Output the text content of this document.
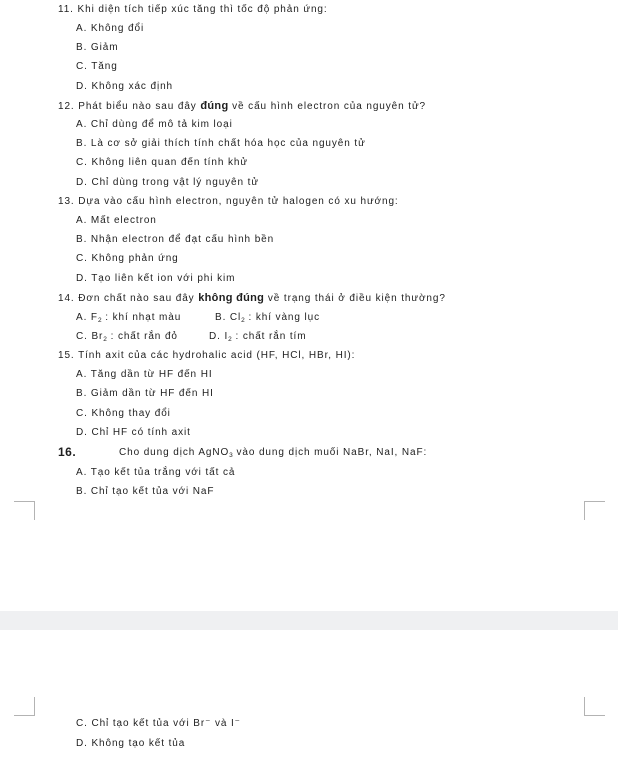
11. Khi diện tích tiếp xúc tăng thì tốc độ phản ứng:
A. Không đổi
B. Giảm
C. Tăng
D. Không xác định
12. Phát biểu nào sau đây đúng về cấu hình electron của nguyên tử?
A. Chỉ dùng để mô tả kim loại
B. Là cơ sở giải thích tính chất hóa học của nguyên tử
C. Không liên quan đến tính khử
D. Chỉ dùng trong vật lý nguyên tử
13. Dựa vào cấu hình electron, nguyên tử halogen có xu hướng:
A. Mất electron
B. Nhận electron để đạt cấu hình bền
C. Không phản ứng
D. Tạo liên kết ion với phi kim
14. Đơn chất nào sau đây không đúng về trạng thái ở điều kiện thường?
A. $F_2$ : khí nhạt màu	B. $Cl_2$ : khí vàng lục
C. $Br_2$ : chất rắn đỏ	D. $I_2$ : chất rắn tím
15. Tính axit của các hydrohalic acid (HF, HCl, HBr, HI):
A. Tăng dần từ HF đến HI
B. Giảm dần từ HF đến HI
C. Không thay đổi
D. Chỉ HF có tính axit
16.	Cho dung dịch AgNO$_3$ vào dung dịch muối NaBr, NaI, NaF:
A. Tạo kết tủa trắng với tất cả
B. Chỉ tạo kết tủa với NaF
C. Chỉ tạo kết tủa với Br⁻ và I⁻
D. Không tạo kết tủa
